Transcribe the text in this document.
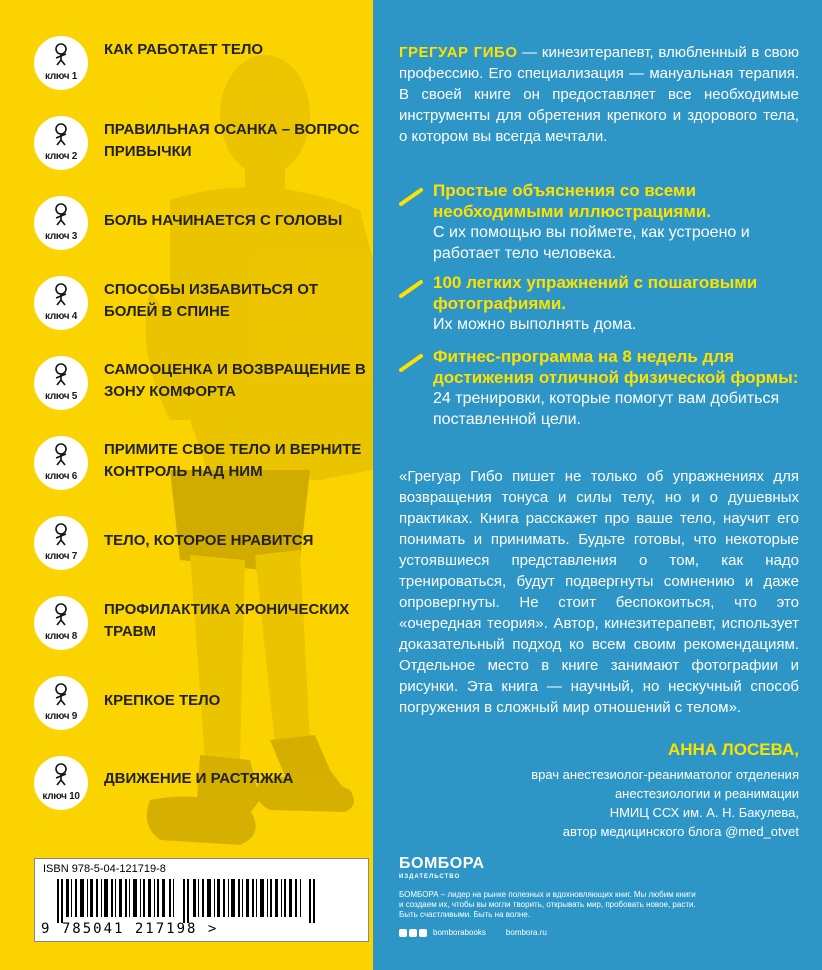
ключ 1
КАК РАБОТАЕТ ТЕЛО
ключ 2
ПРАВИЛЬНАЯ ОСАНКА – ВОПРОС ПРИВЫЧКИ
ключ 3
БОЛЬ НАЧИНАЕТСЯ С ГОЛОВЫ
ключ 4
СПОСОБЫ ИЗБАВИТЬСЯ ОТ БОЛЕЙ В СПИНЕ
ключ 5
САМООЦЕНКА И ВОЗВРАЩЕНИЕ В ЗОНУ КОМФОРТА
ключ 6
ПРИМИТЕ СВОЕ ТЕЛО И ВЕРНИТЕ КОНТРОЛЬ НАД НИМ
ключ 7
ТЕЛО, КОТОРОЕ НРАВИТСЯ
ключ 8
ПРОФИЛАКТИКА ХРОНИЧЕСКИХ ТРАВМ
ключ 9
КРЕПКОЕ ТЕЛО
ключ 10
ДВИЖЕНИЕ И РАСТЯЖКА
ISBN 978-5-04-121719-8
9 785041 217198 >
ГРЕГУАР ГИБО — кинезитерапевт, влюбленный в свою профессию. Его специализация — мануальная терапия. В своей книге он предоставляет все необходимые инструменты для обретения крепкого и здорового тела, о котором вы всегда мечтали.
Простые объяснения со всеми необходимыми иллюстрациями.
С их помощью вы поймете, как устроено и работает тело человека.
100 легких упражнений с пошаговыми фотографиями.
Их можно выполнять дома.
Фитнес-программа на 8 недель для достижения отличной физической формы:
24 тренировки, которые помогут вам добиться поставленной цели.
«Грегуар Гибо пишет не только об упражнениях для возвращения тонуса и силы телу, но и о душевных практиках. Книга расскажет про ваше тело, научит его понимать и принимать. Будьте готовы, что некоторые устоявшиеся представления о том, как надо тренироваться, будут подвергнуты сомнению и даже опровергнуты. Не стоит беспокоиться, что это «очередная теория». Автор, кинезитерапевт, использует доказательный подход ко всем своим рекомендациям. Отдельное место в книге занимают фотографии и рисунки. Эта книга — научный, но нескучный способ погружения в сложный мир отношений с телом».
АННА ЛОСЕВА,
врач анестезиолог-реаниматолог отделения
анестезиологии и реанимации
НМИЦ ССХ им. А. Н. Бакулева,
автор медицинского блога @med_otvet
БОМБОРА
ИЗДАТЕЛЬСТВО
БОМБОРА – лидер на рынке полезных и вдохновляющих книг. Мы любим книги и создаем их, чтобы вы могли творить, открывать мир, пробовать новое, расти. Быть счастливыми. Быть на волне.
bomborabooks	bombora.ru
